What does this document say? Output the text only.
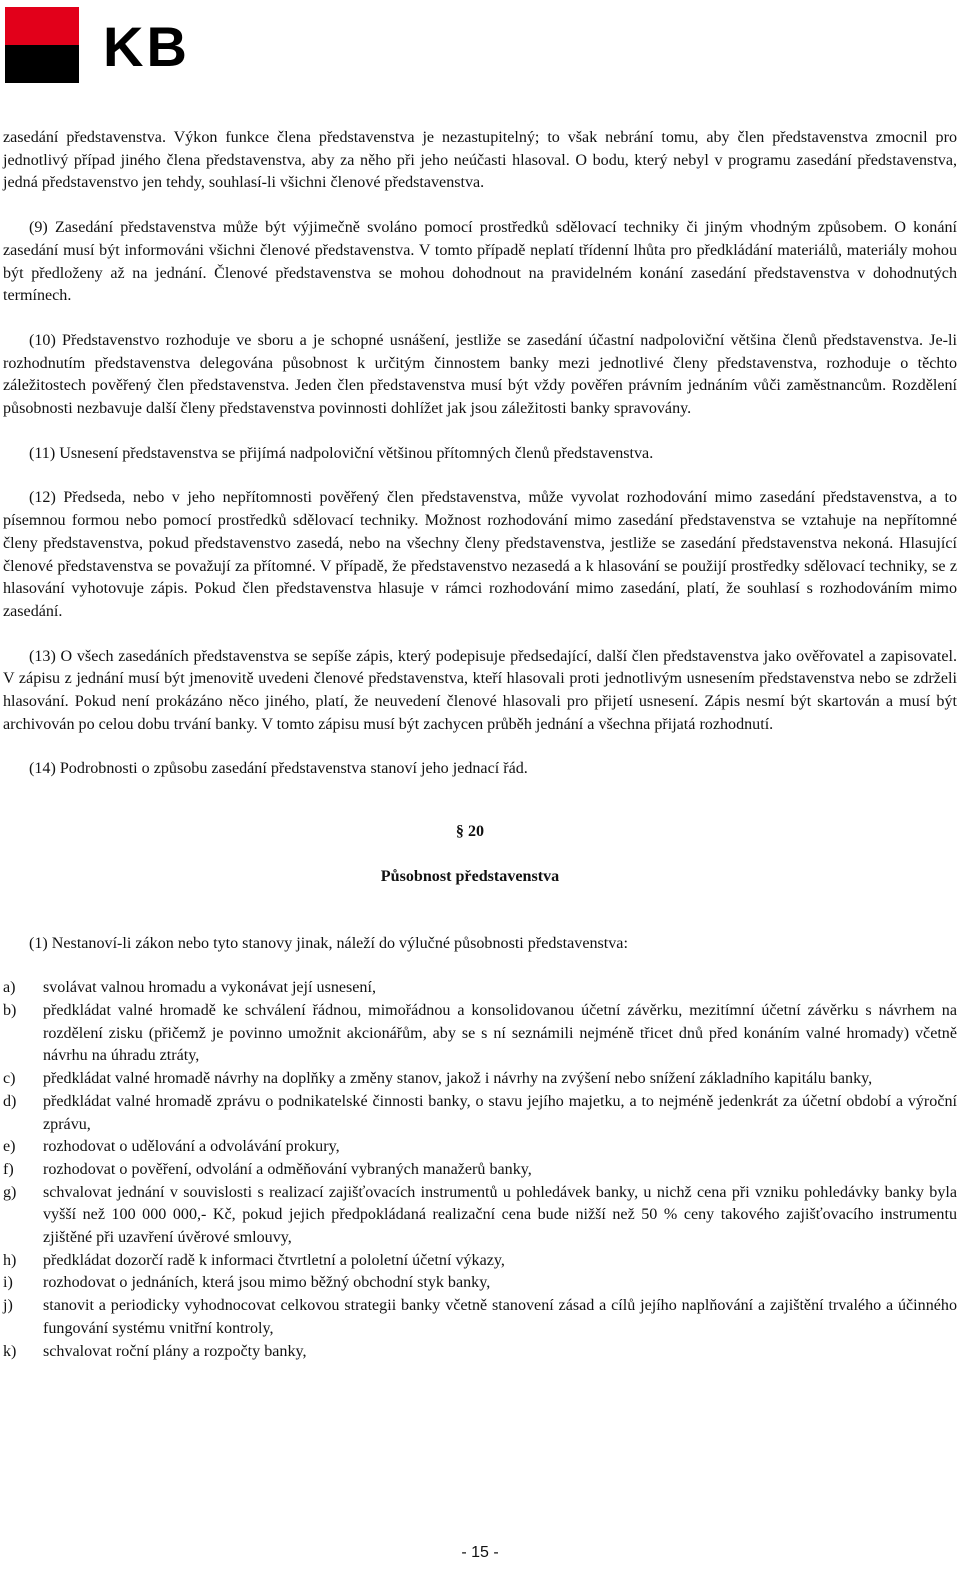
KB

zasedání představenstva. Výkon funkce člena představenstva je nezastupitelný; to však nebrání tomu, aby člen představenstva zmocnil pro jednotlivý případ jiného člena představenstva, aby za něho při jeho neúčasti hlasoval. O bodu, který nebyl v programu zasedání představenstva, jedná představenstvo jen tehdy, souhlasí-li všichni členové představenstva.

(9) Zasedání představenstva může být výjimečně svoláno pomocí prostředků sdělovací techniky či jiným vhodným způsobem. O konání zasedání musí být informováni všichni členové představenstva. V tomto případě neplatí třídenní lhůta pro předkládání materiálů, materiály mohou být předloženy až na jednání. Členové představenstva se mohou dohodnout na pravidelném konání zasedání představenstva v dohodnutých termínech.

(10) Představenstvo rozhoduje ve sboru a je schopné usnášení, jestliže se zasedání účastní nadpoloviční většina členů představenstva. Je-li rozhodnutím představenstva delegována působnost k určitým činnostem banky mezi jednotlivé členy představenstva, rozhoduje o těchto záležitostech pověřený člen představenstva. Jeden člen představenstva musí být vždy pověřen právním jednáním vůči zaměstnancům. Rozdělení působnosti nezbavuje další členy představenstva povinnosti dohlížet jak jsou záležitosti banky spravovány.

(11) Usnesení představenstva se přijímá nadpoloviční většinou přítomných členů představenstva.

(12) Předseda, nebo v jeho nepřítomnosti pověřený člen představenstva, může vyvolat rozhodování mimo zasedání představenstva, a to písemnou formou nebo pomocí prostředků sdělovací techniky. Možnost rozhodování mimo zasedání představenstva se vztahuje na nepřítomné členy představenstva, pokud představenstvo zasedá, nebo na všechny členy představenstva, jestliže se zasedání představenstva nekoná. Hlasující členové představenstva se považují za přítomné. V případě, že představenstvo nezasedá a k hlasování se použijí prostředky sdělovací techniky, se z hlasování vyhotovuje zápis. Pokud člen představenstva hlasuje v rámci rozhodování mimo zasedání, platí, že souhlasí s rozhodováním mimo zasedání.

(13) O všech zasedáních představenstva se sepíše zápis, který podepisuje předsedající, další člen představenstva jako ověřovatel a zapisovatel. V zápisu z jednání musí být jmenovitě uvedeni členové představenstva, kteří hlasovali proti jednotlivým usnesením představenstva nebo se zdrželi hlasování. Pokud není prokázáno něco jiného, platí, že neuvedení členové hlasovali pro přijetí usnesení. Zápis nesmí být skartován a musí být archivován po celou dobu trvání banky. V tomto zápisu musí být zachycen průběh jednání a všechna přijatá rozhodnutí.

(14) Podrobnosti o způsobu zasedání představenstva stanoví jeho jednací řád.

§ 20

Působnost představenstva

(1) Nestanoví-li zákon nebo tyto stanovy jinak, náleží do výlučné působnosti představenstva:

a) svolávat valnou hromadu a vykonávat její usnesení,
b) předkládat valné hromadě ke schválení řádnou, mimořádnou a konsolidovanou účetní závěrku, mezitímní účetní závěrku s návrhem na rozdělení zisku (přičemž je povinno umožnit akcionářům, aby se s ní seznámili nejméně třicet dnů před konáním valné hromady) včetně návrhu na úhradu ztráty,
c) předkládat valné hromadě návrhy na doplňky a změny stanov, jakož i návrhy na zvýšení nebo snížení základního kapitálu banky,
d) předkládat valné hromadě zprávu o podnikatelské činnosti banky, o stavu jejího majetku, a to nejméně jedenkrát za účetní období a výroční zprávu,
e) rozhodovat o udělování a odvolávání prokury,
f) rozhodovat o pověření, odvolání a odměňování vybraných manažerů banky,
g) schvalovat jednání v souvislosti s realizací zajišťovacích instrumentů u pohledávek banky, u nichž cena při vzniku pohledávky banky byla vyšší než 100 000 000,- Kč, pokud jejich předpokládaná realizační cena bude nižší než 50 % ceny takového zajišťovacího instrumentu zjištěné při uzavření úvěrové smlouvy,
h) předkládat dozorčí radě k informaci čtvrtletní a pololetní účetní výkazy,
i) rozhodovat o jednáních, která jsou mimo běžný obchodní styk banky,
j) stanovit a periodicky vyhodnocovat celkovou strategii banky včetně stanovení zásad a cílů jejího naplňování a zajištění trvalého a účinného fungování systému vnitřní kontroly,
k) schvalovat roční plány a rozpočty banky,
- 15 -
